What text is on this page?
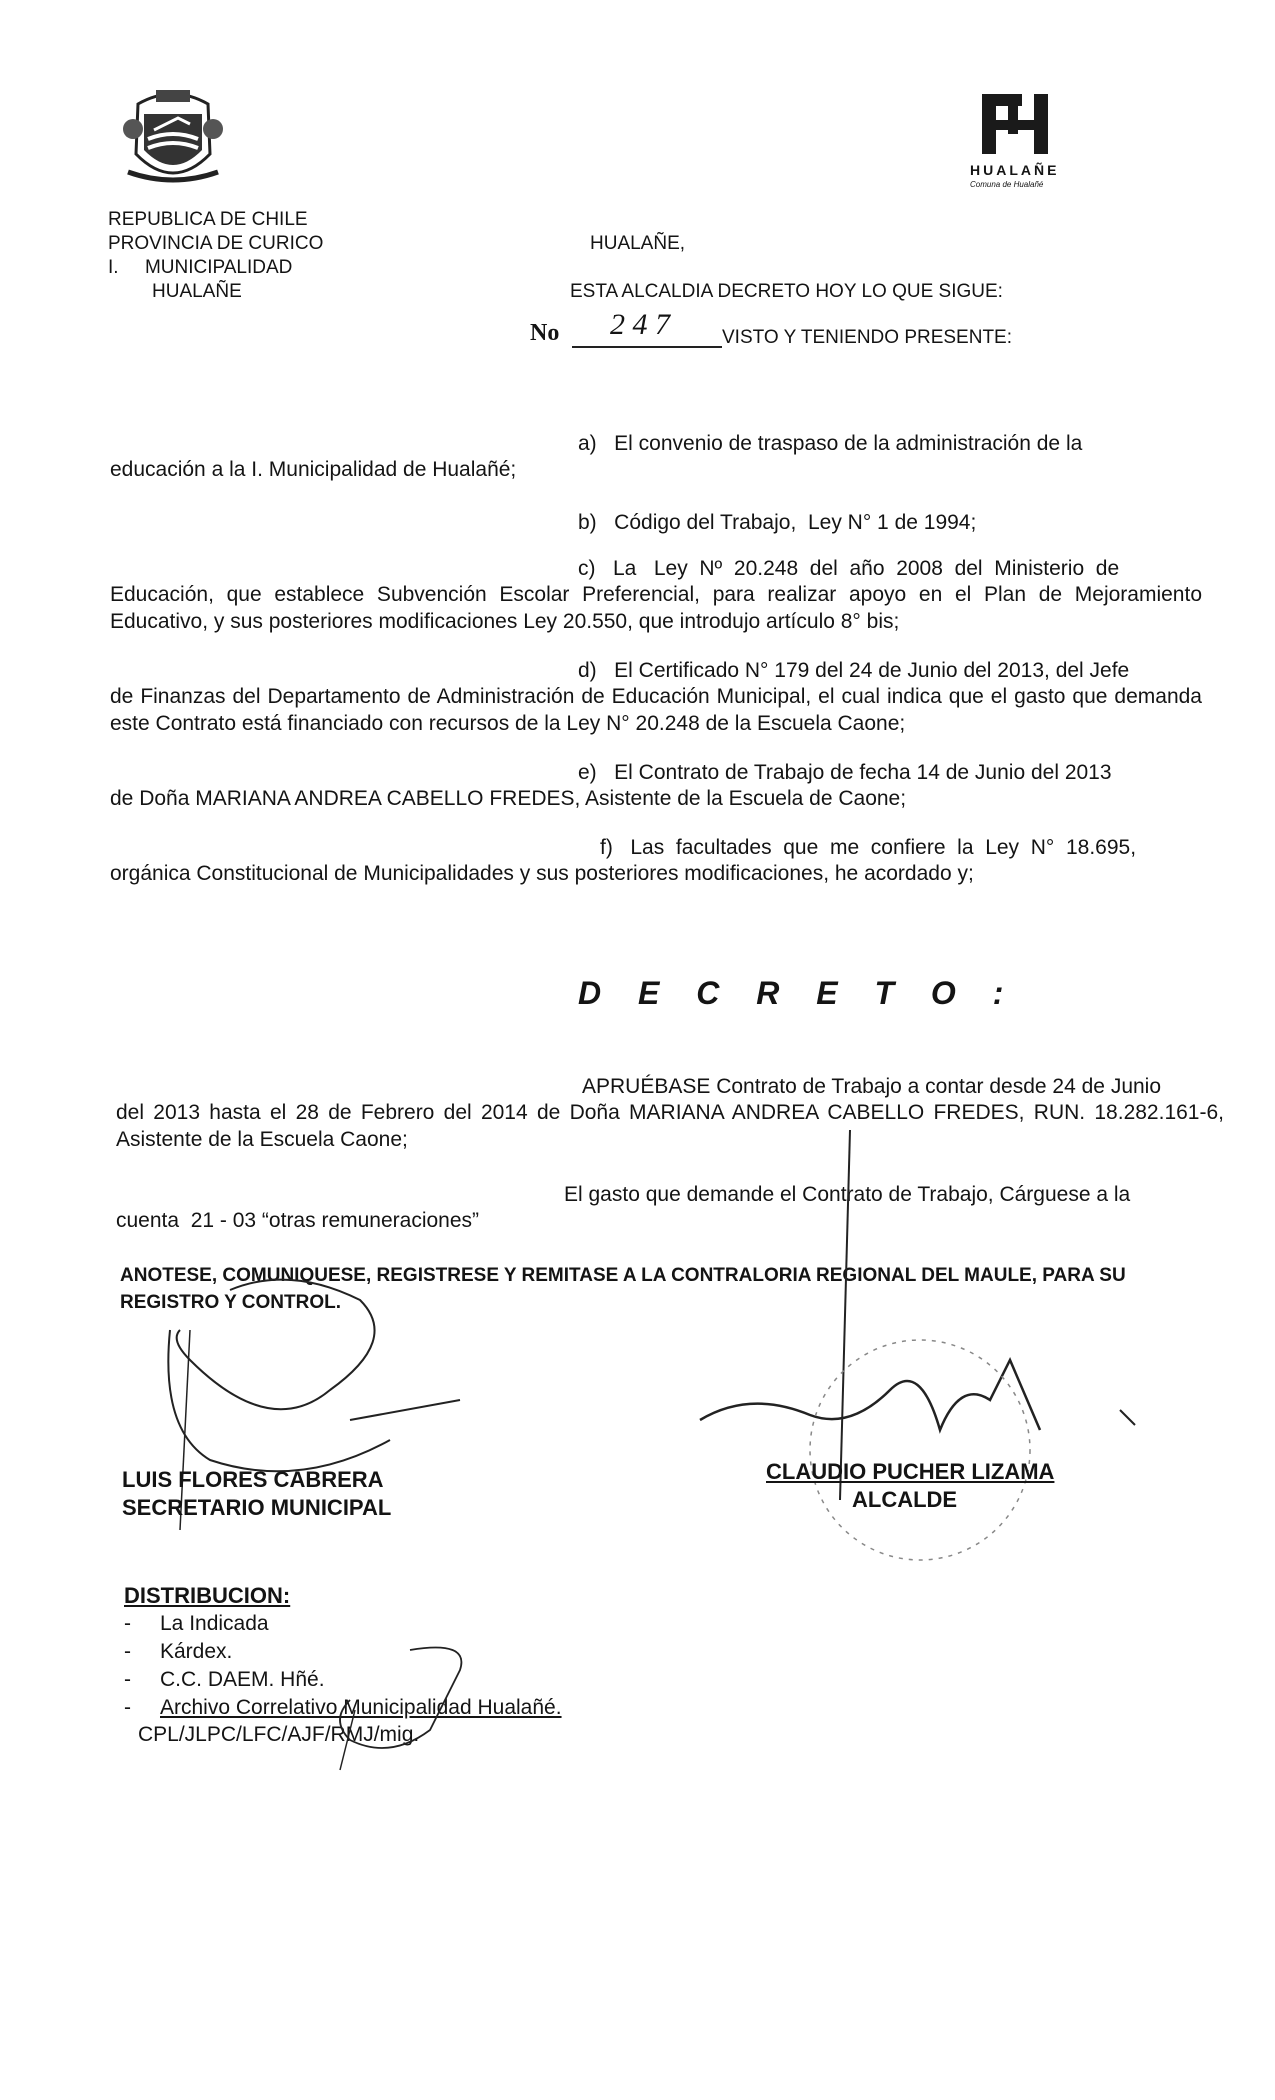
HUALAÑE
Comuna de Hualañé
REPUBLICA DE CHILE
PROVINCIA DE CURICO
I.     MUNICIPALIDAD
HUALAÑE
HUALAÑE,
ESTA ALCALDIA DECRETO HOY LO QUE SIGUE:
No 2 4 7	VISTO Y TENIENDO PRESENTE:
a)   El convenio de traspaso de la administración de la
educación a la I. Municipalidad de Hualañé;
b)   Código del Trabajo,  Ley N° 1 de 1994;
c)   La   Ley  Nº  20.248  del  año  2008  del  Ministerio  de
Educación, que establece Subvención Escolar Preferencial, para realizar apoyo en el Plan de Mejoramiento Educativo, y sus posteriores modificaciones Ley 20.550, que introdujo artículo 8° bis;
d)   El Certificado N° 179 del 24 de Junio del 2013, del Jefe
de Finanzas del Departamento de Administración de Educación Municipal, el cual indica que el gasto que demanda este Contrato está financiado con recursos de la Ley N° 20.248 de la Escuela Caone;
e)   El Contrato de Trabajo de fecha 14 de Junio del 2013
de Doña MARIANA ANDREA CABELLO FREDES, Asistente de la Escuela de Caone;
f)   Las  facultades  que  me  confiere  la  Ley  N°  18.695,
orgánica Constitucional de Municipalidades y sus posteriores modificaciones, he acordado y;
D E C R E T O :
APRUÉBASE Contrato de Trabajo a contar desde 24 de Junio
del 2013 hasta el 28 de Febrero del 2014 de Doña MARIANA ANDREA CABELLO FREDES, RUN. 18.282.161-6, Asistente de la Escuela Caone;
El gasto que demande el Contrato de Trabajo, Cárguese a la
cuenta  21 - 03 “otras remuneraciones”
ANOTESE, COMUNIQUESE, REGISTRESE Y REMITASE A LA CONTRALORIA REGIONAL DEL MAULE, PARA SU REGISTRO Y CONTROL.
LUIS FLORES CABRERA
SECRETARIO MUNICIPAL
CLAUDIO PUCHER LIZAMA
ALCALDE
DISTRIBUCION:
- La Indicada
- Kárdex.
- C.C. DAEM. Hñé.
- Archivo Correlativo Municipalidad Hualañé.
CPL/JLPC/LFC/AJF/RMJ/mig.
